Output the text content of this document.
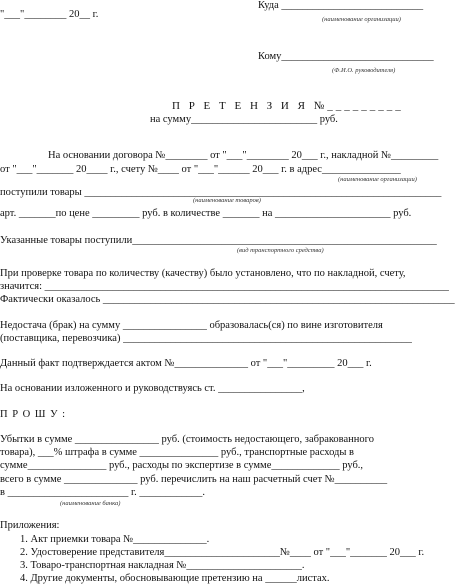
"___"________ 20__ г.
Куда ___________________________
(наименование организации)
Кому_____________________________
(Ф.И.О. руководителя)
П Р Е Т Е Н З И Я №_________
на сумму________________________ руб.
На основании договора №________ от "___"________ 20___ г., накладной №_________
от "___"_______ 20____ г., счету №____ от "___"______ 20___ г. в адрес_______________
(наименование организации)
поступили товары ____________________________________________________________________
(наименование товаров)
арт. _______по цене _________ руб. в количестве _______ на ______________________ руб.
Указанные товары поступили__________________________________________________________
(вид транспортного средства)
При проверке товара по количеству (качеству) было установлено, что по накладной, счету,
значится: _____________________________________________________________________________
Фактически оказалось ___________________________________________________________________
Недостача (брак) на сумму ________________ образовалась(ся) по вине изготовителя
(поставщика, перевозчика) _______________________________________________________
Данный факт подтверждается актом №______________ от "___"_________ 20___ г.
На основании изложенного и руководствуясь ст. ________________,
П Р О Ш У :
Убытки в сумме ________________ руб. (стоимость недостающего, забракованного
товара), ___% штрафа в сумме _______________ руб., транспортные расходы в
сумме_______________ руб., расходы по экспертизе в сумме_____________ руб.,
всего в сумме ______________ руб. перечислить на наш расчетный счет №__________
в _______________________ г. ____________.
(наименование банка)
Приложения:
1. Акт приемки товара №______________.
2. Удостоверение представителя______________________№____ от "___"_______ 20___ г.
3. Товаро-транспортная накладная №______________________.
4. Другие документы, обосновывающие претензию на ______листах.
